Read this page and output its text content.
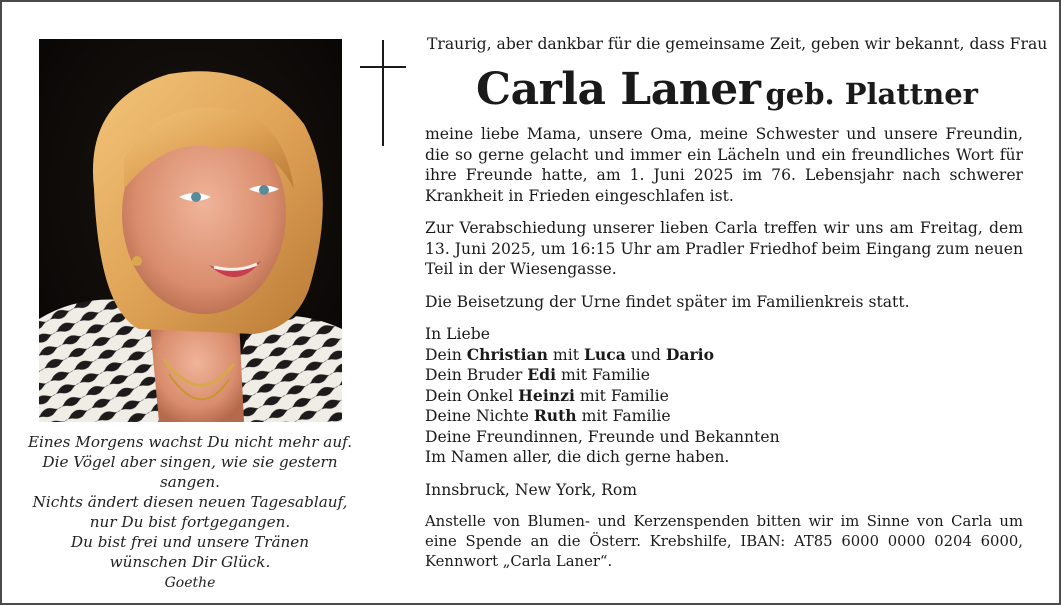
Eines Morgens wachst Du nicht mehr auf.
Die Vögel aber singen, wie sie gestern sangen.
Nichts ändert diesen neuen Tagesablauf,
nur Du bist fortgegangen.
Du bist frei und unsere Tränen
wünschen Dir Glück.
Goethe
Traurig, aber dankbar für die gemeinsame Zeit, geben wir bekannt, dass Frau
Carla Laner geb. Plattner

meine liebe Mama, unsere Oma, meine Schwester und unsere Freundin, die so gerne gelacht und immer ein Lächeln und ein freundliches Wort für ihre Freunde hatte, am 1. Juni 2025 im 76. Lebensjahr nach schwerer Krankheit in Frieden eingeschlafen ist.

Zur Verabschiedung unserer lieben Carla treffen wir uns am Freitag, dem 13. Juni 2025, um 16:15 Uhr am Pradler Friedhof beim Eingang zum neuen Teil in der Wiesengasse.

Die Beisetzung der Urne findet später im Familienkreis statt.

In Liebe

Dein Christian mit Luca und Dario

Dein Bruder Edi mit Familie

Dein Onkel Heinzi mit Familie

Deine Nichte Ruth mit Familie

Deine Freundinnen, Freunde und Bekannten

Im Namen aller, die dich gerne haben.

Innsbruck, New York, Rom

Anstelle von Blumen- und Kerzenspenden bitten wir im Sinne von Carla um eine Spende an die Österr. Krebshilfe, IBAN: AT85 6000 0000 0204 6000, Kennwort „Carla Laner“.
